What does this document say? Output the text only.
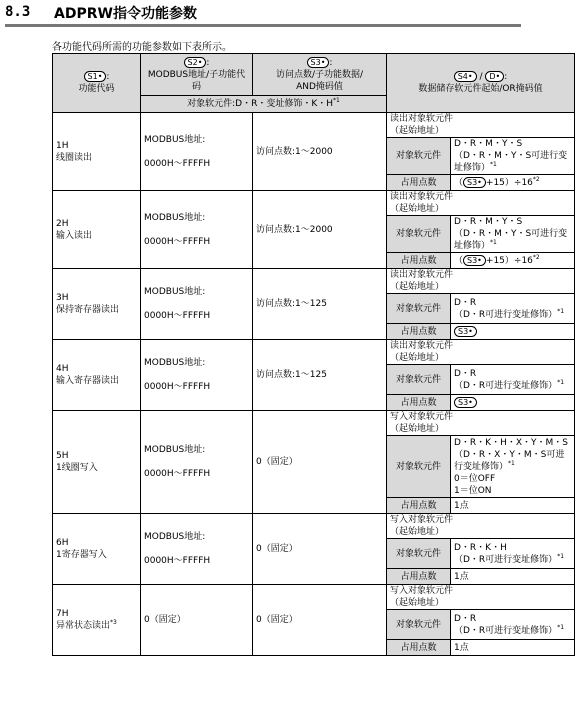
8.3 ADPRW指令功能参数
各功能代码所需的功能参数如下表所示。
S1• :
功能代码	S2• :
MODBUS地址/子功能代码	S3• :
访问点数/子功能数据/
AND掩码值	S4• / D• :
数据储存软元件起始/OR掩码值	
	对象软元件:D・R・变址修饰・K・$H^{*1}$
1H
线圈读出	MODBUS地址:

0000H～FFFFH	访问点数:1～2000	读出对象软元件
（起始地址）	
			对象软元件	D・R・M・Y・S
（D・R・M・Y・S可进行变
址修饰）$^{*1}$
			占用点数	（ S3• $+15)\div 16^{*2}$
2H
输入读出	MODBUS地址:

0000H～FFFFH	访问点数:1～2000	读出对象软元件
（起始地址）	
			对象软元件	D・R・M・Y・S
（D・R・M・Y・S可进行变
址修饰）$^{*1}$
			占用点数	（ S3• $+15)\div 16^{*2}$
3H
保持寄存器读出	MODBUS地址:

0000H～FFFFH	访问点数:1～125	读出对象软元件
（起始地址）	
			对象软元件	D・R
（D・R可进行变址修饰）$^{*1}$
			占用点数	S3•
4H
输入寄存器读出	MODBUS地址:

0000H～FFFFH	访问点数:1～125	读出对象软元件
（起始地址）	
			对象软元件	D・R
（D・R可进行变址修饰）$^{*1}$
			占用点数	S3•
5H
1线圈写入	MODBUS地址:

0000H～FFFFH	0（固定）	写入对象软元件
（起始地址）	
			对象软元件	D・R・K・H・X・Y・M・S
（D・R・X・Y・M・S可进
行变址修饰）$^{*1}$
0＝位OFF
1＝位ON
			占用点数	1点
6H
1寄存器写入	MODBUS地址:

0000H～FFFFH	0（固定）	写入对象软元件
（起始地址）	
			对象软元件	D・R・K・H
（D・R可进行变址修饰）$^{*1}$
			占用点数	1点
7H
异常状态读出$^{*3}$	0（固定）	0（固定）	写入对象软元件
（起始地址）	
			对象软元件	D・R
（D・R可进行变址修饰）$^{*1}$
			占用点数	1点
